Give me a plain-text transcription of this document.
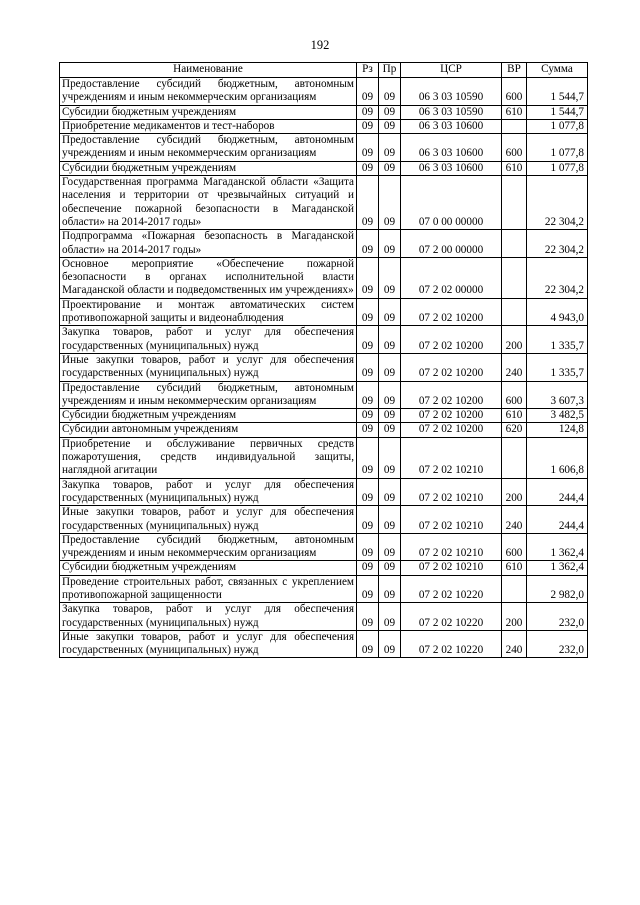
192
Наименование	Рз	Пр	ЦСР	ВР	Сумма
Предоставление субсидий бюджетным, автономным учреждениям и иным некоммерческим организациям	09	09	06 3 03 10590	600	1 544,7
Субсидии бюджетным учреждениям	09	09	06 3 03 10590	610	1 544,7
Приобретение медикаментов и тест-наборов	09	09	06 3 03 10600		1 077,8
Предоставление субсидий бюджетным, автономным учреждениям и иным некоммерческим организациям	09	09	06 3 03 10600	600	1 077,8
Субсидии бюджетным учреждениям	09	09	06 3 03 10600	610	1 077,8
Государственная программа Магаданской области «Защита населения и территории от чрезвычайных ситуаций и обеспечение пожарной безопасности в Магаданской области» на 2014-2017 годы»	09	09	07 0 00 00000		22 304,2
Подпрограмма «Пожарная безопасность в Магаданской области» на 2014-2017 годы»	09	09	07 2 00 00000		22 304,2
Основное мероприятие «Обеспечение пожарной безопасности в органах исполнительной власти Магаданской области и подведомственных им учреждениях»	09	09	07 2 02 00000		22 304,2
Проектирование и монтаж автоматических систем противопожарной защиты и видеонаблюдения	09	09	07 2 02 10200		4 943,0
Закупка товаров, работ и услуг для обеспечения государственных (муниципальных) нужд	09	09	07 2 02 10200	200	1 335,7
Иные закупки товаров, работ и услуг для обеспечения государственных (муниципальных) нужд	09	09	07 2 02 10200	240	1 335,7
Предоставление субсидий бюджетным, автономным учреждениям и иным некоммерческим организациям	09	09	07 2 02 10200	600	3 607,3
Субсидии бюджетным учреждениям	09	09	07 2 02 10200	610	3 482,5
Субсидии автономным учреждениям	09	09	07 2 02 10200	620	124,8
Приобретение и обслуживание первичных средств пожаротушения, средств индивидуальной защиты, наглядной агитации	09	09	07 2 02 10210		1 606,8
Закупка товаров, работ и услуг для обеспечения государственных (муниципальных) нужд	09	09	07 2 02 10210	200	244,4
Иные закупки товаров, работ и услуг для обеспечения государственных (муниципальных) нужд	09	09	07 2 02 10210	240	244,4
Предоставление субсидий бюджетным, автономным учреждениям и иным некоммерческим организациям	09	09	07 2 02 10210	600	1 362,4
Субсидии бюджетным учреждениям	09	09	07 2 02 10210	610	1 362,4
Проведение строительных работ, связанных с укреплением противопожарной защищенности	09	09	07 2 02 10220		2 982,0
Закупка товаров, работ и услуг для обеспечения государственных (муниципальных) нужд	09	09	07 2 02 10220	200	232,0
Иные закупки товаров, работ и услуг для обеспечения государственных (муниципальных) нужд	09	09	07 2 02 10220	240	232,0
